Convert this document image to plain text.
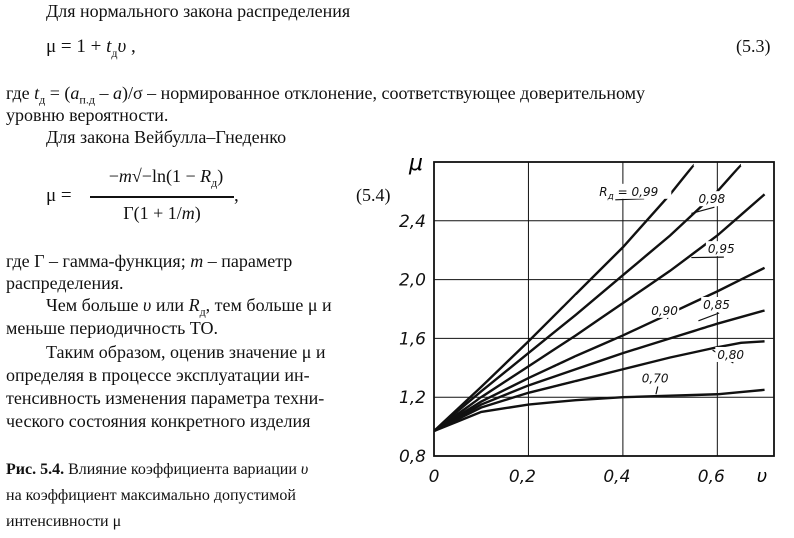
Для нормального закона распределения
$\mu = 1 + t_д\upsilon$ ,	(5.3)
где $t_д = (a_{п.д} - a)/\sigma$ – нормированное отклонение, соответствующее доверительному
уровню вероятности.
Для закона Вейбулла–Гнеденко
μ =
$-m√-\ln(1 - R_д)$
Γ(1 + 1/m)
,	(5.4)
где Γ – гамма-функция; m – параметр
распределения.
Чем больше υ или $R_д$, тем больше μ и
меньше периодичность ТО.
Таким образом, оценив значение μ и
определяя в процессе эксплуатации ин-
тенсивность изменения параметра техни-
ческого состояния конкретного изделия
Рис. 5.4. Влияние коэффициента вариации υ
на коэффициент максимально допустимой
интенсивности μ
0	0,2	0,4	0,6
0,8
1,2
1,6
2,0
2,4
$R_д = 0,99$
0,98
0,95
0,90 0,85
0,80
0,70
μ
υ
